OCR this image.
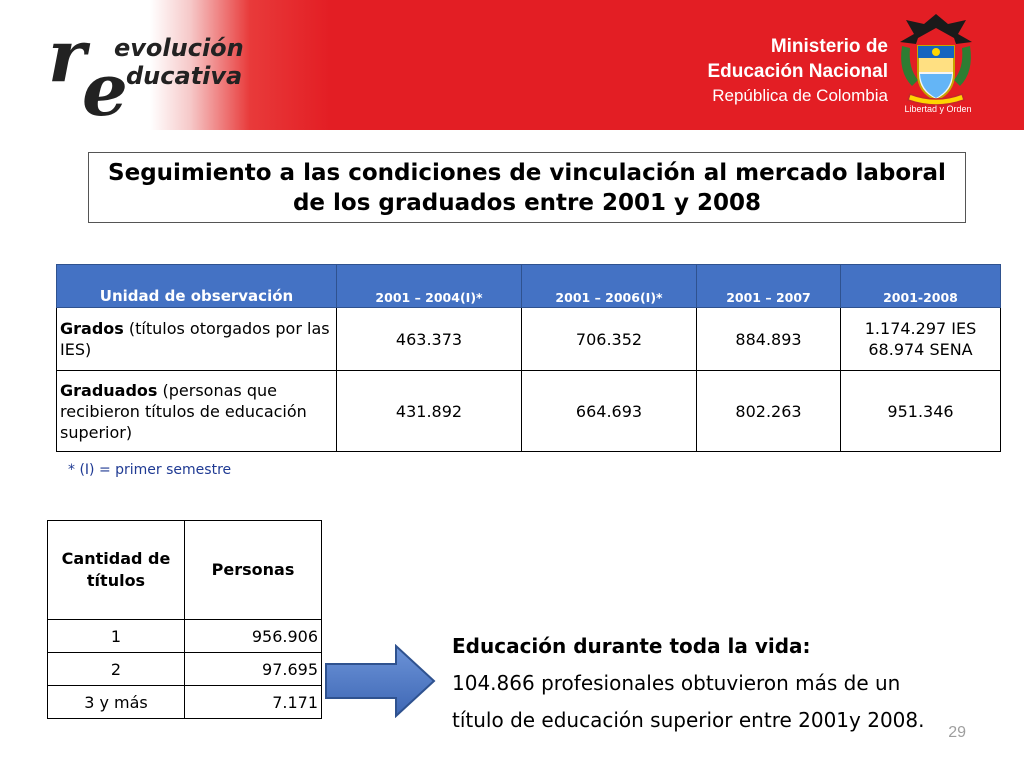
r
e
evolución
ducativa
Ministerio de
Educación Nacional
República de Colombia
Libertad y Orden
Seguimiento a las condiciones de vinculación al mercado laboral de los graduados entre 2001 y 2008
Unidad de observación	2001 – 2004(I)*	2001 – 2006(I)*	2001 – 2007	2001-2008
Grados (títulos otorgados por las IES)	463.373	706.352	884.893	1.174.297 IES
68.974 SENA

Graduados (personas que recibieron títulos de educación superior)	431.892	664.693	802.263	951.346
* (I) = primer semestre
Cantidad de títulos	Personas
1	956.906
2	97.695
3 y más	7.171
Educación durante toda la vida:
104.866 profesionales obtuvieron más de un
título de educación superior entre 2001y 2008.
29
